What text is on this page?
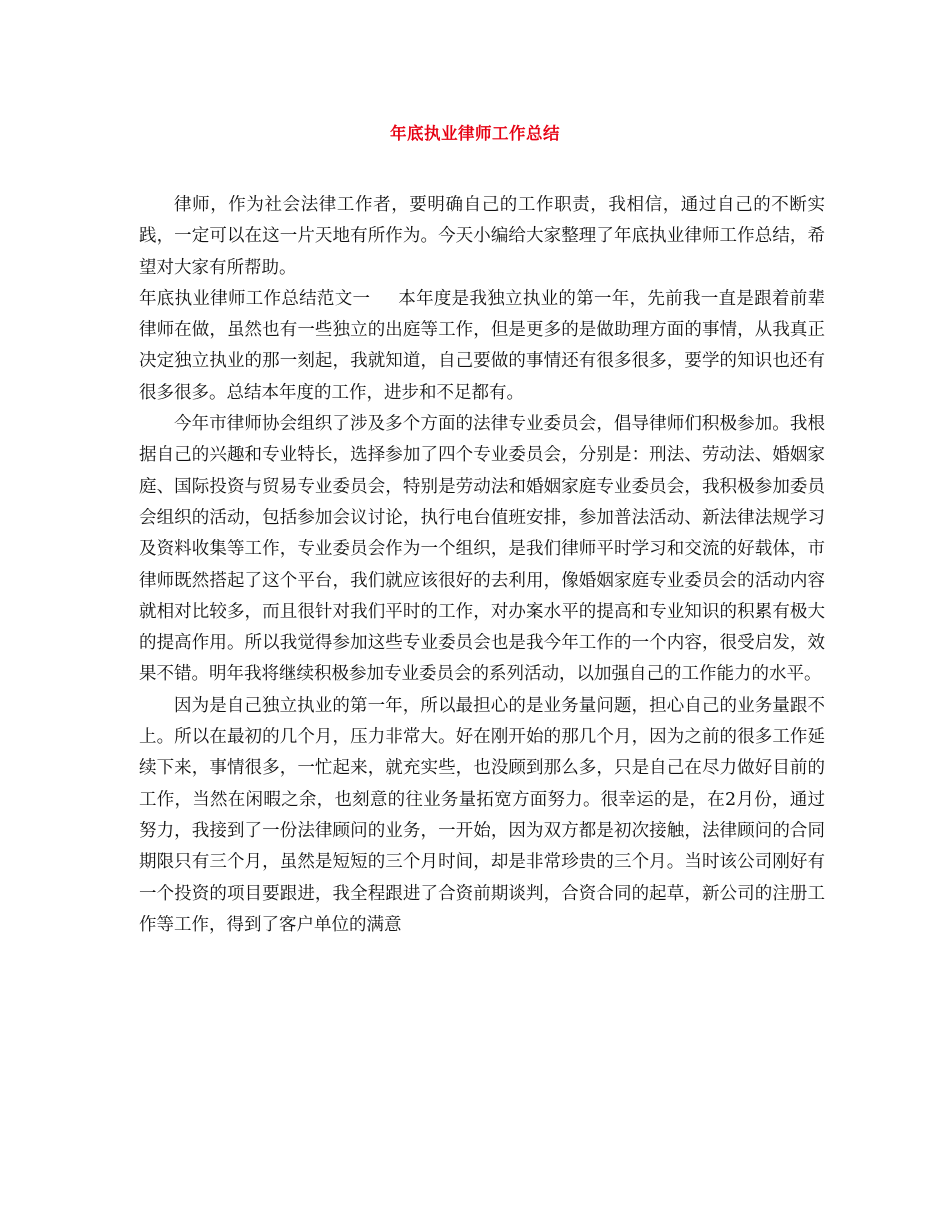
年底执业律师工作总结

律师，作为社会法律工作者，要明确自己的工作职责，我相信，通过自己的不断实践，一定可以在这一片天地有所作为。今天小编给大家整理了年底执业律师工作总结，希望对大家有所帮助。

年底执业律师工作总结范文一 本年度是我独立执业的第一年，先前我一直是跟着前辈律师在做，虽然也有一些独立的出庭等工作，但是更多的是做助理方面的事情，从我真正决定独立执业的那一刻起，我就知道，自己要做的事情还有很多很多，要学的知识也还有很多很多。总结本年度的工作，进步和不足都有。

今年市律师协会组织了涉及多个方面的法律专业委员会，倡导律师们积极参加。我根据自己的兴趣和专业特长，选择参加了四个专业委员会，分别是：刑法、劳动法、婚姻家庭、国际投资与贸易专业委员会，特别是劳动法和婚姻家庭专业委员会，我积极参加委员会组织的活动，包括参加会议讨论，执行电台值班安排，参加普法活动、新法律法规学习及资料收集等工作，专业委员会作为一个组织，是我们律师平时学习和交流的好载体，市律师既然搭起了这个平台，我们就应该很好的去利用，像婚姻家庭专业委员会的活动内容就相对比较多，而且很针对我们平时的工作，对办案水平的提高和专业知识的积累有极大的提高作用。所以我觉得参加这些专业委员会也是我今年工作的一个内容，很受启发，效果不错。明年我将继续积极参加专业委员会的系列活动，以加强自己的工作能力的水平。

因为是自己独立执业的第一年，所以最担心的是业务量问题，担心自己的业务量跟不上。所以在最初的几个月，压力非常大。好在刚开始的那几个月，因为之前的很多工作延续下来，事情很多，一忙起来，就充实些，也没顾到那么多，只是自己在尽力做好目前的工作，当然在闲暇之余，也刻意的往业务量拓宽方面努力。很幸运的是，在2月份，通过努力，我接到了一份法律顾问的业务，一开始，因为双方都是初次接触，法律顾问的合同期限只有三个月，虽然是短短的三个月时间，却是非常珍贵的三个月。当时该公司刚好有一个投资的项目要跟进，我全程跟进了合资前期谈判，合资合同的起草，新公司的注册工作等工作，得到了客户单位的满意
